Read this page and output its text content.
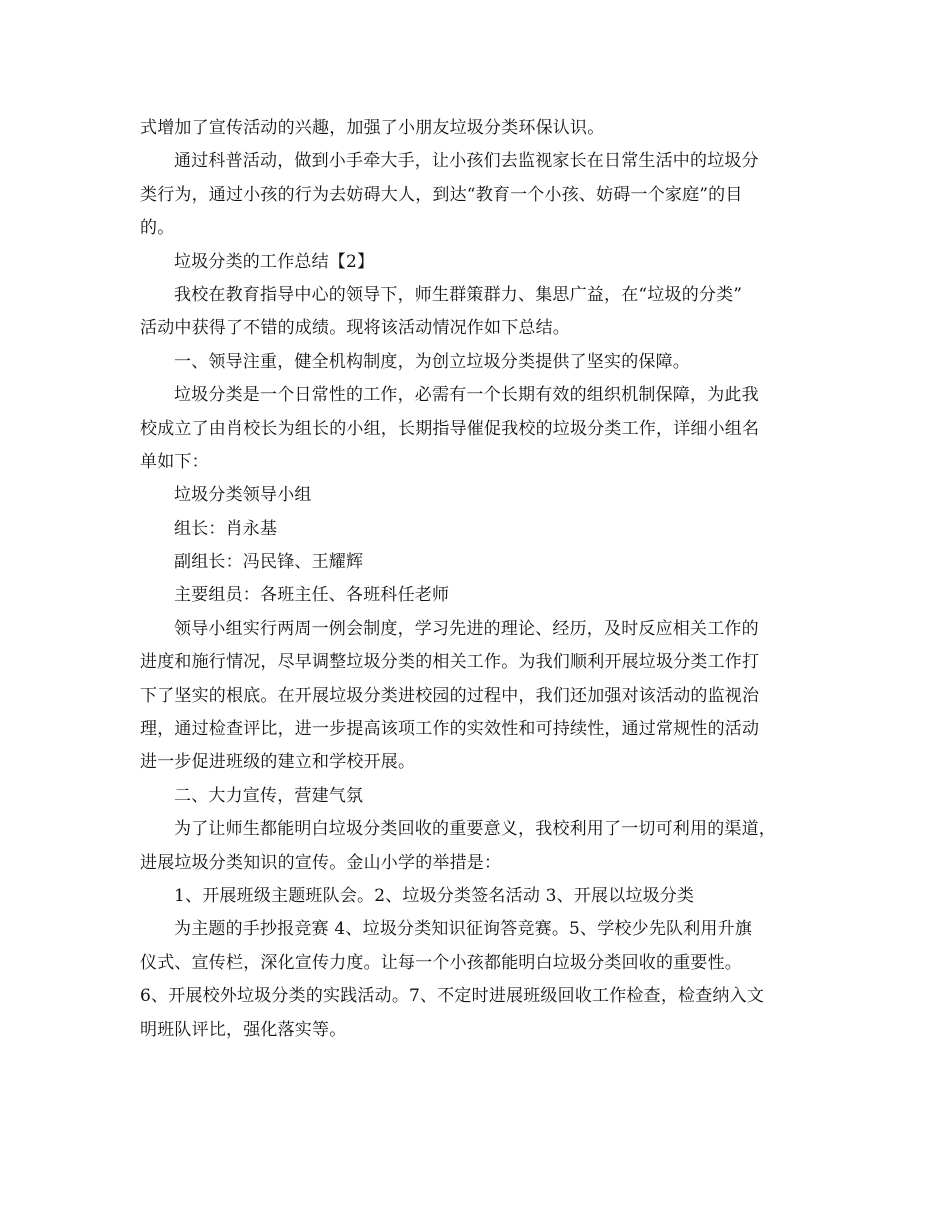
式增加了宣传活动的兴趣，加强了小朋友垃圾分类环保认识。
通过科普活动，做到小手牵大手，让小孩们去监视家长在日常生活中的垃圾分
类行为，通过小孩的行为去妨碍大人，到达“教育一个小孩、妨碍一个家庭”的目
的。
垃圾分类的工作总结【2】
我校在教育指导中心的领导下，师生群策群力、集思广益，在“垃圾的分类”
活动中获得了不错的成绩。现将该活动情况作如下总结。
一、领导注重，健全机构制度，为创立垃圾分类提供了坚实的保障。
垃圾分类是一个日常性的工作，必需有一个长期有效的组织机制保障，为此我
校成立了由肖校长为组长的小组，长期指导催促我校的垃圾分类工作，详细小组名
单如下：
垃圾分类领导小组
组长：肖永基
副组长：冯民锋、王耀辉
主要组员：各班主任、各班科任老师
领导小组实行两周一例会制度，学习先进的理论、经历，及时反应相关工作的
进度和施行情况，尽早调整垃圾分类的相关工作。为我们顺利开展垃圾分类工作打
下了坚实的根底。在开展垃圾分类进校园的过程中，我们还加强对该活动的监视治
理，通过检查评比，进一步提高该项工作的实效性和可持续性，通过常规性的活动
进一步促进班级的建立和学校开展。
二、大力宣传，营建气氛
为了让师生都能明白垃圾分类回收的重要意义，我校利用了一切可利用的渠道，
进展垃圾分类知识的宣传。金山小学的举措是：
1、开展班级主题班队会。2、垃圾分类签名活动 3、开展以垃圾分类
为主题的手抄报竞赛 4、垃圾分类知识征询答竞赛。5、学校少先队利用升旗
仪式、宣传栏，深化宣传力度。让每一个小孩都能明白垃圾分类回收的重要性。
6、开展校外垃圾分类的实践活动。7、不定时进展班级回收工作检查，检查纳入文
明班队评比，强化落实等。
